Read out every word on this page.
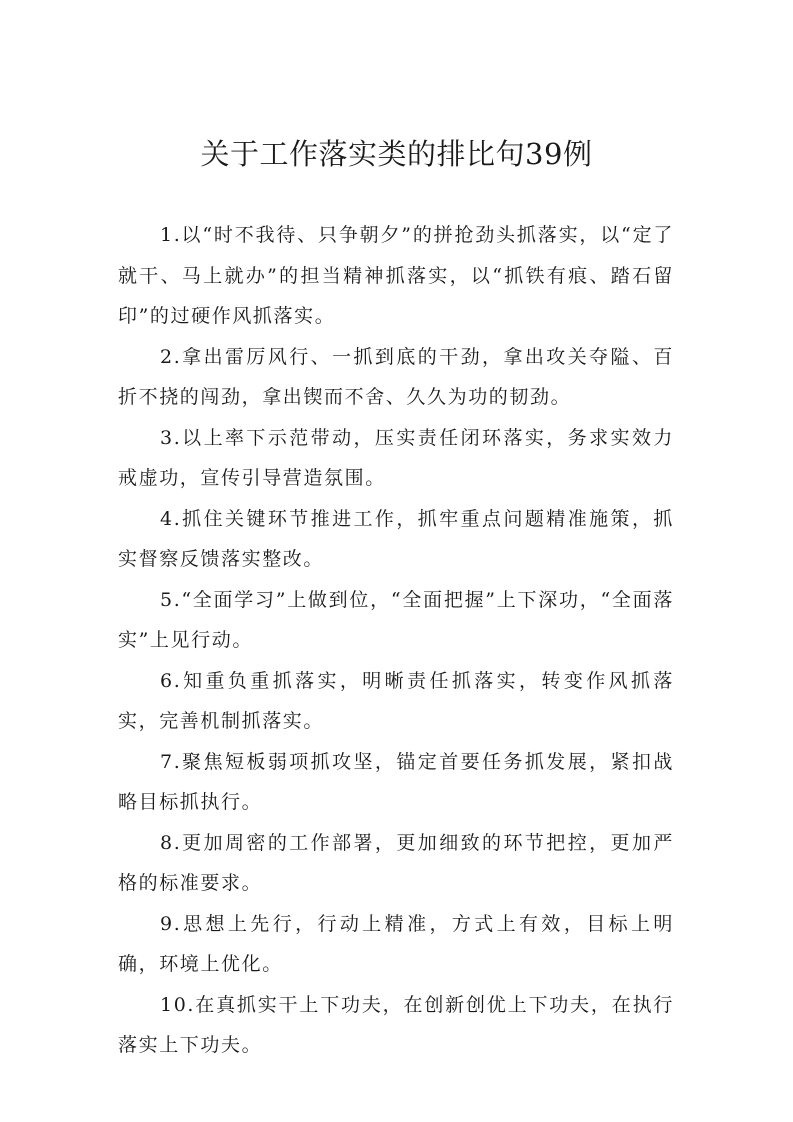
关于工作落实类的排比句39例

1.以“时不我待、只争朝夕”的拼抢劲头抓落实，以“定了就干、马上就办”的担当精神抓落实，以“抓铁有痕、踏石留印”的过硬作风抓落实。

2.拿出雷厉风行、一抓到底的干劲，拿出攻关夺隘、百折不挠的闯劲，拿出锲而不舍、久久为功的韧劲。

3.以上率下示范带动，压实责任闭环落实，务求实效力戒虚功，宣传引导营造氛围。

4.抓住关键环节推进工作，抓牢重点问题精准施策，抓实督察反馈落实整改。

5.“全面学习”上做到位，“全面把握”上下深功，“全面落实”上见行动。

6.知重负重抓落实，明晰责任抓落实，转变作风抓落实，完善机制抓落实。

7.聚焦短板弱项抓攻坚，锚定首要任务抓发展，紧扣战略目标抓执行。

8.更加周密的工作部署，更加细致的环节把控，更加严格的标准要求。

9.思想上先行，行动上精准，方式上有效，目标上明确，环境上优化。

10.在真抓实干上下功夫，在创新创优上下功夫，在执行落实上下功夫。
